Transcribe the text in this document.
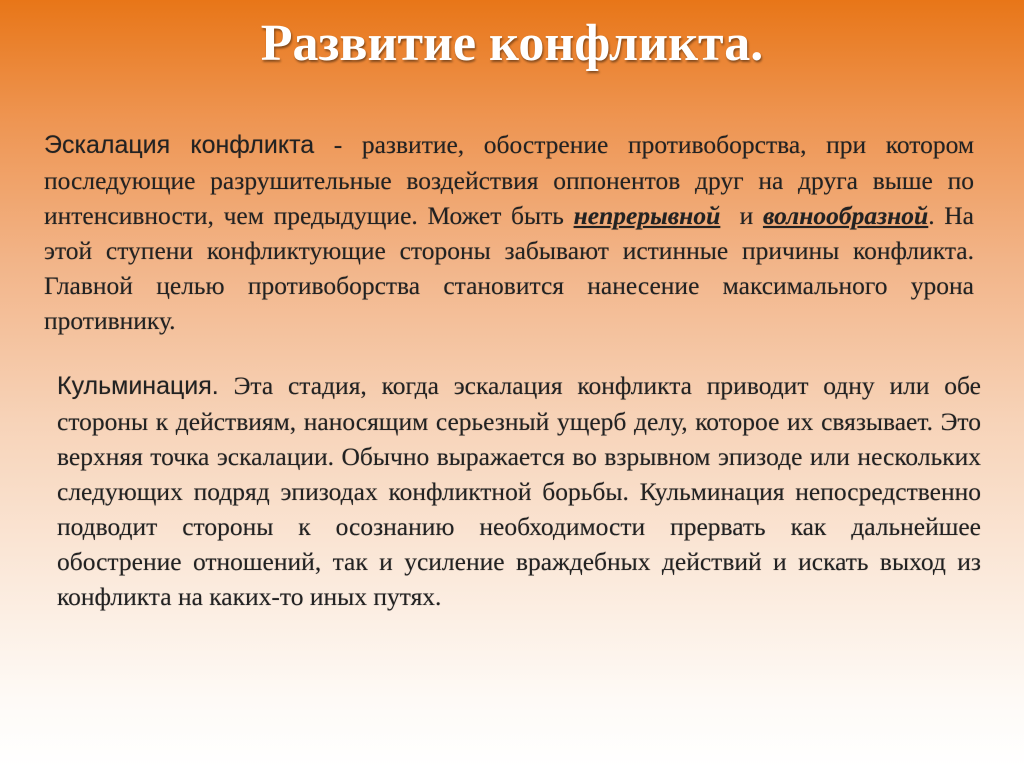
Развитие конфликта.

Эскалация конфликта - развитие, обострение противоборства, при котором последующие разрушительные воздействия оппонентов друг на друга выше по интенсивности, чем предыдущие. Может быть непрерывной  и волнообразной. На этой ступени конфликтующие стороны забывают истинные причины конфликта. Главной целью противоборства становится нанесение максимального урона противнику.

Кульминация. Эта стадия, когда эскалация конфликта приводит одну или обе стороны к действиям, наносящим серьезный ущерб делу, которое их связывает. Это верхняя точка эскалации. Обычно выражается во взрывном эпизоде или нескольких следующих подряд эпизодах конфликтной борьбы. Кульминация непосредственно подводит стороны к осознанию необходимости прервать как дальнейшее обострение отношений, так и усиление враждебных действий и искать выход из конфликта на каких-то иных путях.
